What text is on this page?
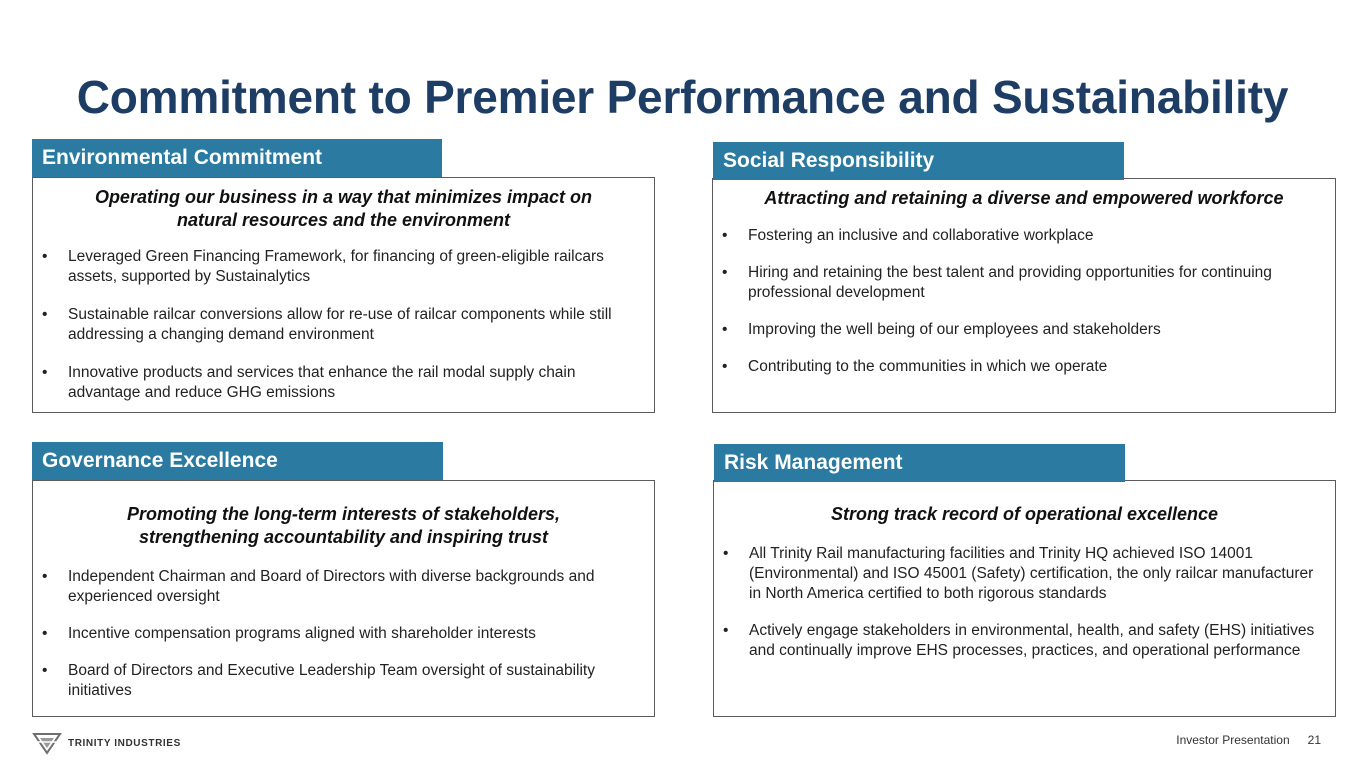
Commitment to Premier Performance and Sustainability
Environmental Commitment
Operating our business in a way that minimizes impact on natural resources and the environment
• Leveraged Green Financing Framework, for financing of green-eligible railcars assets, supported by Sustainalytics
• Sustainable railcar conversions allow for re-use of railcar components while still addressing a changing demand environment
• Innovative products and services that enhance the rail modal supply chain advantage and reduce GHG emissions
Social Responsibility
Attracting and retaining a diverse and empowered workforce
• Fostering an inclusive and collaborative workplace
• Hiring and retaining the best talent and providing opportunities for continuing professional development
• Improving the well being of our employees and stakeholders
• Contributing to the communities in which we operate
Governance Excellence
Promoting the long-term interests of stakeholders, strengthening accountability and inspiring trust
• Independent Chairman and Board of Directors with diverse backgrounds and experienced oversight
• Incentive compensation programs aligned with shareholder interests
• Board of Directors and Executive Leadership Team oversight of sustainability initiatives
Risk Management
Strong track record of operational excellence
• All Trinity Rail manufacturing facilities and Trinity HQ achieved ISO 14001 (Environmental) and ISO 45001 (Safety) certification, the only railcar manufacturer in North America certified to both rigorous standards
• Actively engage stakeholders in environmental, health, and safety (EHS) initiatives and continually improve EHS processes, practices, and operational performance
TRINITY INDUSTRIES	Investor Presentation 21
